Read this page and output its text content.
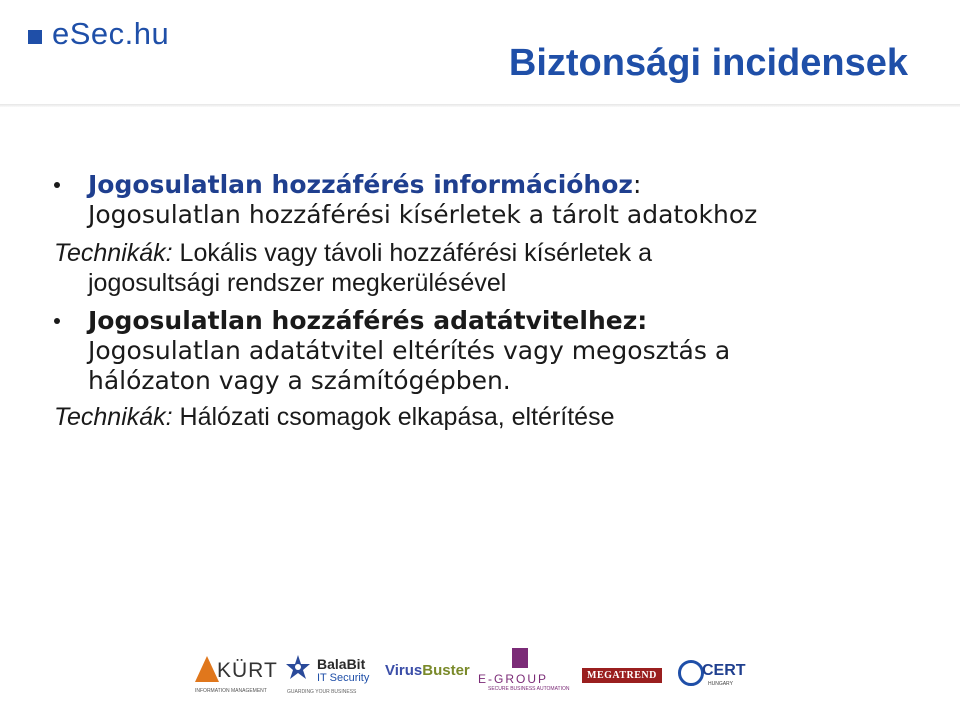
eSec.hu
Biztonsági incidensek
Jogosulatlan hozzáférés információhoz:
Jogosulatlan hozzáférési kísérletek a tárolt adatokhoz
Technikák: Lokális vagy távoli hozzáférési kísérletek a
jogosultsági rendszer megkerülésével
Jogosulatlan hozzáférés adatátvitelhez:
Jogosulatlan adatátvitel eltérítés vagy megosztás a
hálózaton vagy a számítógépben.
Technikák: Hálózati csomagok elkapása, eltérítése
KÜRT
INFORMATION MANAGEMENT
BalaBit
IT Security
GUARDING YOUR BUSINESS
VirusBuster E-GROUP
SECURE BUSINESS AUTOMATION
MEGATREND	CERT
HUNGARY
